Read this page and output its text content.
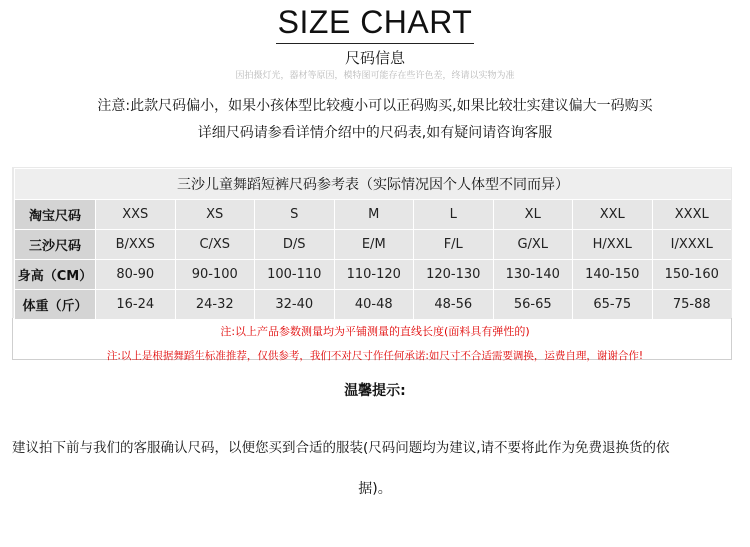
SIZE CHART
尺码信息
因拍摄灯光，器材等原因，模特图可能存在些许色差，终请以实物为准
注意:此款尺码偏小，如果小孩体型比较瘦小可以正码购买,如果比较壮实建议偏大一码购买
详细尺码请参看详情介绍中的尺码表,如有疑问请咨询客服
三沙儿童舞蹈短裤尺码参考表（实际情况因个人体型不同而异）								
淘宝尺码	XXS	XS	S	M	L	XL	XXL	XXXL
三沙尺码	B/XXS	C/XS	D/S	E/M	F/L	G/XL	H/XXL	I/XXXL
身高（CM）	80-90	90-100	100-110	110-120	120-130	130-140	140-150	150-160
体重（斤）	16-24	24-32	32-40	40-48	48-56	56-65	65-75	75-88
注:以上产品参数测量均为平铺测量的直线长度(面料具有弹性的)
注:以上是根据舞蹈生标准推荐，仅供参考，我们不对尺寸作任何承诺:如尺寸不合适需要调换，运费自理，谢谢合作!
温馨提示:
建议拍下前与我们的客服确认尺码，以便您买到合适的服装(尺码问题均为建议,请不要将此作为免费退换货的依
据)。
